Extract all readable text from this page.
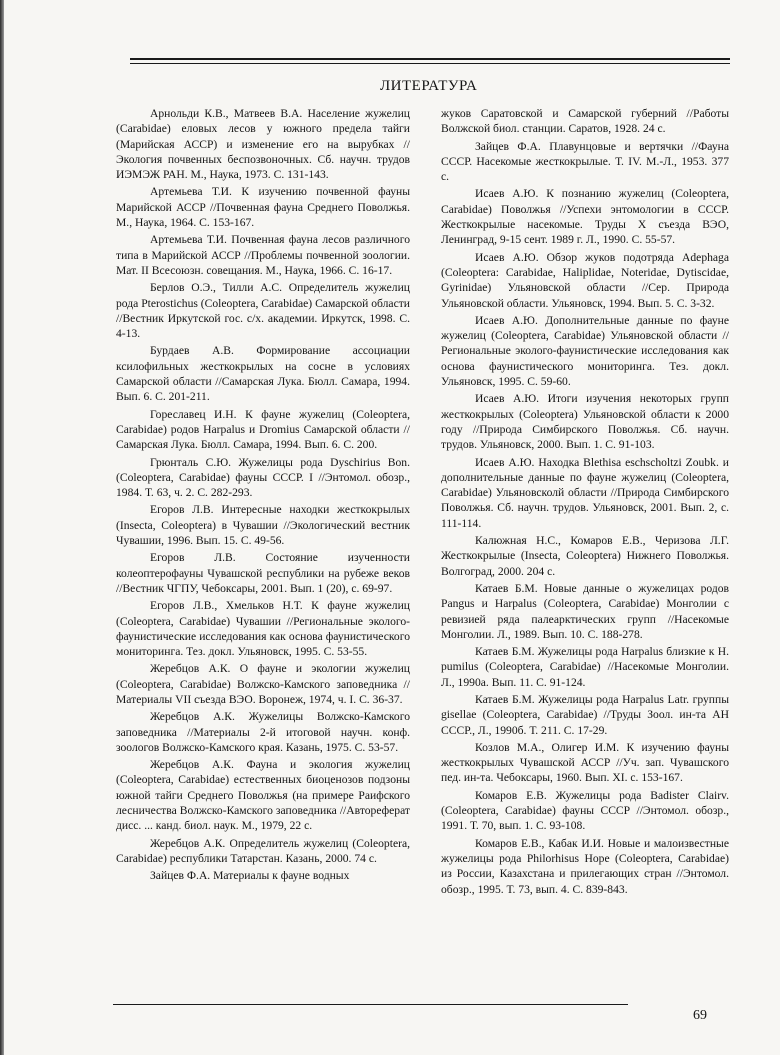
ЛИТЕРАТУРА

Арнольди К.В., Матвеев В.А. Население жужелиц (Carabidae) еловых лесов у южного предела тайги (Марийская АССР) и изменение его на вырубках //Экология почвенных беспозвоночных. Сб. научн. трудов ИЭМЭЖ РАН. М., Наука, 1973. С. 131-143.

Артемьева Т.И. К изучению почвенной фауны Марийской АССР //Почвенная фауна Среднего Поволжья. М., Наука, 1964. С. 153-167.

Артемьева Т.И. Почвенная фауна лесов различного типа в Марийской АССР //Проблемы почвенной зоологии. Мат. II Всесоюзн. совещания. М., Наука, 1966. С. 16-17.

Берлов О.Э., Тилли А.С. Определитель жужелиц рода Pterostichus (Coleoptera, Carabidae) Самарской области //Вестник Иркутской гос. с/х. академии. Иркутск, 1998. С. 4-13.

Бурдаев А.В. Формирование ассоциации ксилофильных жесткокрылых на сосне в условиях Самарской области //Самарская Лука. Бюлл. Самара, 1994. Вып. 6. С. 201-211.

Гореславец И.Н. К фауне жужелиц (Coleoptera, Carabidae) родов Harpalus и Dromius Самарской области //Самарская Лука. Бюлл. Самара, 1994. Вып. 6. С. 200.

Грюнталь С.Ю. Жужелицы рода Dyschirius Bon. (Coleoptera, Carabidae) фауны СССР. I //Энтомол. обозр., 1984. Т. 63, ч. 2. С. 282-293.

Егоров Л.В. Интересные находки жесткокрылых (Insecta, Coleoptera) в Чувашии //Экологический вестник Чувашии, 1996. Вып. 15. С. 49-56.

Егоров Л.В. Состояние изученности колеоптерофауны Чувашской республики на рубеже веков //Вестник ЧГПУ, Чебоксары, 2001. Вып. 1 (20), с. 69-97.

Егоров Л.В., Хмельков Н.Т. К фауне жужелиц (Coleoptera, Carabidae) Чувашии //Региональные эколого-фаунистические исследования как основа фаунистического мониторинга. Тез. докл. Ульяновск, 1995. С. 53-55.

Жеребцов А.К. О фауне и экологии жужелиц (Coleoptera, Carabidae) Волжско-Камского заповедника //Материалы VII съезда ВЭО. Воронеж, 1974, ч. I. С. 36-37.

Жеребцов А.К. Жужелицы Волжско-Камского заповедника //Материалы 2-й итоговой научн. конф. зоологов Волжско-Камского края. Казань, 1975. С. 53-57.

Жеребцов А.К. Фауна и экология жужелиц (Coleoptera, Carabidae) естественных биоценозов подзоны южной тайги Среднего Поволжья (на примере Раифского лесничества Волжско-Камского заповедника //Автореферат дисс. ... канд. биол. наук. М., 1979, 22 с.

Жеребцов А.К. Определитель жужелиц (Coleoptera, Carabidae) республики Татарстан. Казань, 2000. 74 с.

Зайцев Ф.А. Материалы к фауне водных

жуков Саратовской и Самарской губерний //Работы Волжской биол. станции. Саратов, 1928. 24 с.

Зайцев Ф.А. Плавунцовые и вертячки //Фауна СССР. Насекомые жесткокрылые. Т. IV. М.-Л., 1953. 377 с.

Исаев А.Ю. К познанию жужелиц (Coleoptera, Carabidae) Поволжья //Успехи энтомологии в СССР. Жесткокрылые насекомые. Труды Х съезда ВЭО, Ленинград, 9-15 сент. 1989 г. Л., 1990. С. 55-57.

Исаев А.Ю. Обзор жуков подотряда Adephaga (Coleoptera: Carabidae, Haliplidae, Noteridae, Dytiscidae, Gyrinidae) Ульяновской области //Сер. Природа Ульяновской области. Ульяновск, 1994. Вып. 5. С. 3-32.

Исаев А.Ю. Дополнительные данные по фауне жужелиц (Coleoptera, Carabidae) Ульяновской области //Региональные эколого-фаунистические исследования как основа фаунистического мониторинга. Тез. докл. Ульяновск, 1995. С. 59-60.

Исаев А.Ю. Итоги изучения некоторых групп жесткокрылых (Coleoptera) Ульяновской области к 2000 году //Природа Симбирского Поволжья. Сб. научн. трудов. Ульяновск, 2000. Вып. 1. С. 91-103.

Исаев А.Ю. Находка Blethisa eschscholtzi Zoubk. и дополнительные данные по фауне жужелиц (Coleoptera, Carabidae) Ульяновсколй области //Природа Симбирского Поволжья. Сб. научн. трудов. Ульяновск, 2001. Вып. 2, с. 111-114.

Калюжная Н.С., Комаров Е.В., Черизова Л.Г. Жесткокрылые (Insecta, Coleoptera) Нижнего Поволжья. Волгоград, 2000. 204 с.

Катаев Б.М. Новые данные о жужелицах родов Pangus и Harpalus (Coleoptera, Carabidae) Монголии с ревизией ряда палеарктических групп //Насекомые Монголии. Л., 1989. Вып. 10. С. 188-278.

Катаев Б.М. Жужелицы рода Harpalus близкие к H. pumilus (Coleoptera, Carabidae) //Насекомые Монголии. Л., 1990а. Вып. 11. С. 91-124.

Катаев Б.М. Жужелицы рода Harpalus Latr. группы gisellae (Coleoptera, Carabidae) //Труды Зоол. ин-та АН СССР., Л., 1990б. Т. 211. С. 17-29.

Козлов М.А., Олигер И.М. К изучению фауны жесткокрылых Чувашской АССР //Уч. зап. Чувашского пед. ин-та. Чебоксары, 1960. Вып. XI. с. 153-167.

Комаров Е.В. Жужелицы рода Badister Clairv. (Coleoptera, Carabidae) фауны СССР //Энтомол. обозр., 1991. Т. 70, вып. 1. С. 93-108.

Комаров Е.В., Кабак И.И. Новые и малоизвестные жужелицы рода Philorhisus Hope (Coleoptera, Carabidae) из России, Казахстана и прилегающих стран //Энтомол. обозр., 1995. Т. 73, вып. 4. С. 839-843.

69
